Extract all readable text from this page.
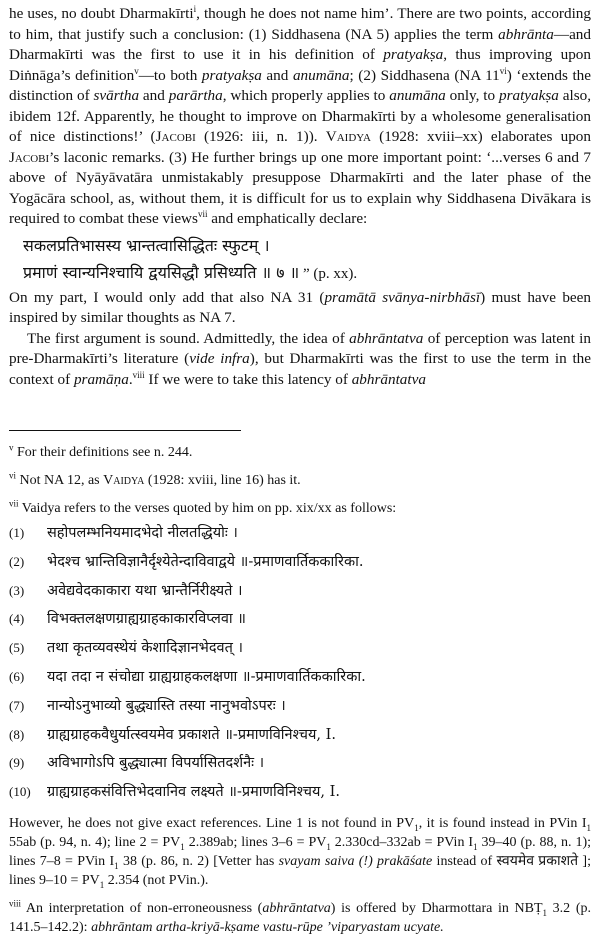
he uses, no doubt Dharmakīrti$^i$, though he does not name him’. There are two points, according to him, that justify such a conclusion: (1) Siddhasena (NA 5) applies the term abhrānta—and Dharmakīrti was the first to use it in his definition of pratyakṣa, thus improving upon Diṅnāga’s definition$^v$—to both pratyakṣa and anumāna; (2) Siddhasena (NA 11$^{vi}$) ‘extends the distinction of svārtha and parārtha, which properly applies to anumāna only, to pratyakṣa also, ibidem 12f. Apparently, he thought to improve on Dharmakīrti by a wholesome generalisation of nice distinctions!’ (Jacobi (1926: iii, n. 1)). Vaidya (1928: xviii–xx) elaborates upon Jacobi’s laconic remarks. (3) He further brings up one more important point: ‘...verses 6 and 7 above of Nyāyāvatāra unmistakably presuppose Dharmakīrti and the later phase of the Yogācāra school, as, without them, it is difficult for us to explain why Siddhasena Divākara is required to combat these views$^{vii}$ and emphatically declare:

सकलप्रतिभासस्य भ्रान्तत्वासिद्धितः स्फुटम् ।
प्रमाणं स्वान्यनिश्चायि द्वयसिद्धौ प्रसिध्यति ॥ ७ ॥ ” (p. xx).

On my part, I would only add that also NA 31 (pramātā svānya-nirbhāsī) must have been inspired by similar thoughts as NA 7.

The first argument is sound. Admittedly, the idea of abhrāntatva of perception was latent in pre-Dharmakīrti’s literature (vide infra), but Dharmakīrti was the first to use the term in the context of pramāṇa.$^{viii}$ If we were to take this latency of abhrāntatva

$^v$ For their definitions see n. 244.

$^{vi}$ Not NA 12, as Vaidya (1928: xviii, line 16) has it.

$^{vii}$ Vaidya refers to the verses quoted by him on pp. xix/xx as follows:

(1)	सहोपलम्भनियमादभेदो नीलतद्धियोः ।
(2)	भेदश्च भ्रान्तिविज्ञानैर्दृश्येतेन्दाविवाद्वये ॥ -प्रमाणवार्तिककारिका.
(3)	अवेद्यवेदकाकारा यथा भ्रान्तैर्निरीक्ष्यते ।
(4)	विभक्तलक्षणग्राह्यग्राहकाकारविप्लवा ॥
(5)	तथा कृतव्यवस्थेयं केशादिज्ञानभेदवत् ।
(6)	यदा तदा न संचोद्या ग्राह्यग्राहकलक्षणा ॥ -प्रमाणवार्तिककारिका.
(7)	नान्योऽनुभाव्यो बुद्ध्यास्ति तस्या नानुभवोऽपरः ।
(8)	ग्राह्यग्राहकवैधुर्यात्स्वयमेव प्रकाशते ॥ -प्रमाणविनिश्चय, I.
(9)	अविभागोऽपि बुद्ध्यात्मा विपर्यासितदर्शनैः ।
(10)	ग्राह्यग्राहकसंवित्तिभेदवानिव लक्ष्यते ॥ -प्रमाणविनिश्चय, I.

However, he does not give exact references. Line 1 is not found in $PV_1$, it is found instead in PVin $I_1$ 55ab (p. 94, n. 4); line $2 = PV_1$ 2.389ab; lines $3-6 = PV_1$ 2.330cd–332ab = PVin $I_1$ 39–40 (p. 88, n. 1); lines 7–8 = PVin $I_1$ 38 (p. 86, n. 2) [Vetter has svayam saiva (!) prakāśate instead of स्वयमेव प्रकाशते ]; lines $9-10 = PV_1$ 2.354 (not PVin.).

$^{viii}$ An interpretation of non-erroneousness (abhrāntatva) is offered by Dharmottara in NBṬ$_1$ 3.2 (p. 141.5–142.2): abhrāntam artha-kriyā-kṣame vastu-rūpe ’viparyastam ucyate.
